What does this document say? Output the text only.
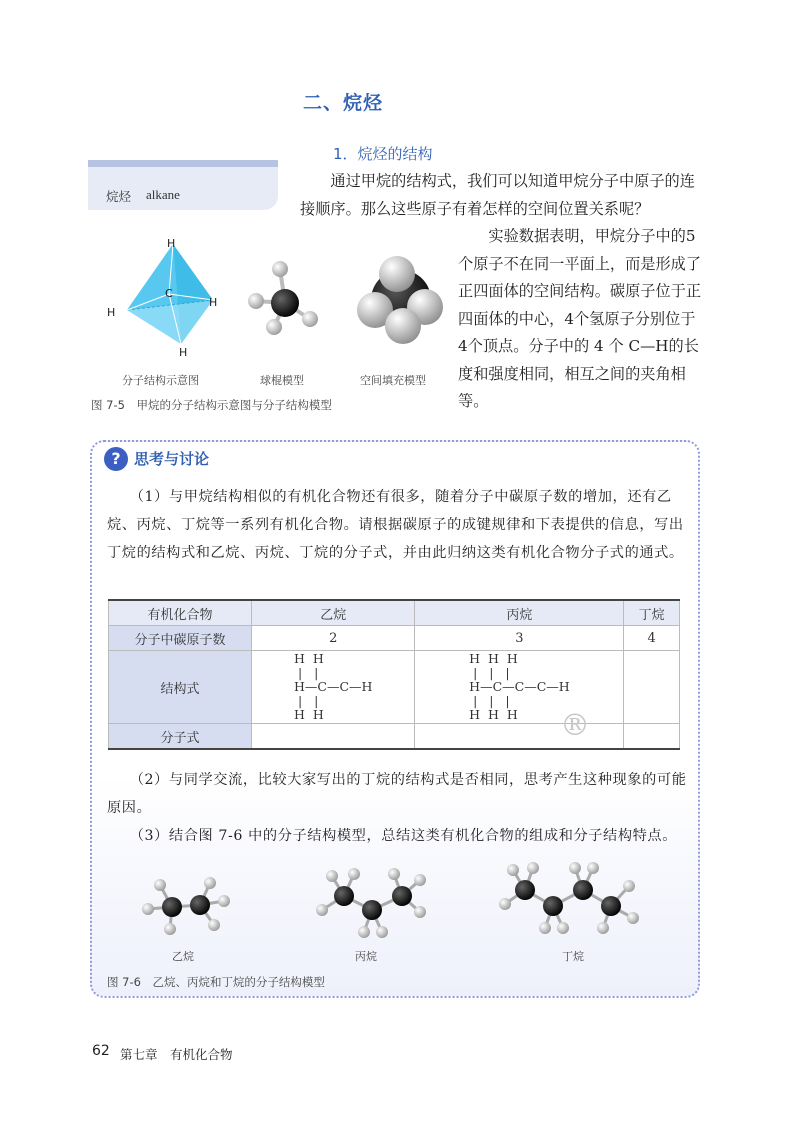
二、烷烃
烷烃 alkane
1．烷烃的结构
通过甲烷的结构式，我们可以知道甲烷分子中原子的连接顺序。那么这些原子有着怎样的空间位置关系呢？
实验数据表明，甲烷分子中的5个原子不在同一平面上，而是形成了正四面体的空间结构。碳原子位于正四面体的中心，4个氢原子分别位于4个顶点。分子中的 4 个 C—H的长度和强度相同，相互之间的夹角相等。
H
C
H
H
H
分子结构示意图	球棍模型	空间填充模型
图 7-5　甲烷的分子结构示意图与分子结构模型
? 思考与讨论
（1）与甲烷结构相似的有机化合物还有很多，随着分子中碳原子数的增加，还有乙烷、丙烷、丁烷等一系列有机化合物。请根据碳原子的成键规律和下表提供的信息，写出丁烷的结构式和乙烷、丙烷、丁烷的分子式，并由此归纳这类有机化合物分子式的通式。
有机化合物	乙烷	丙烷	丁烷
分子中碳原子数	2	3	4
结构式	H  H
|   |
H—C—C—H
|   |
H  H	H  H  H
|   |   |
H—C—C—C—H
|   |   |
H  H  H	
分子式				®
（2）与同学交流，比较大家写出的丁烷的结构式是否相同，思考产生这种现象的可能原因。
（3）结合图 7-6 中的分子结构模型，总结这类有机化合物的组成和分子结构特点。
乙烷	丙烷	丁烷
图 7-6　乙烷、丙烷和丁烷的分子结构模型
62 第七章　有机化合物
